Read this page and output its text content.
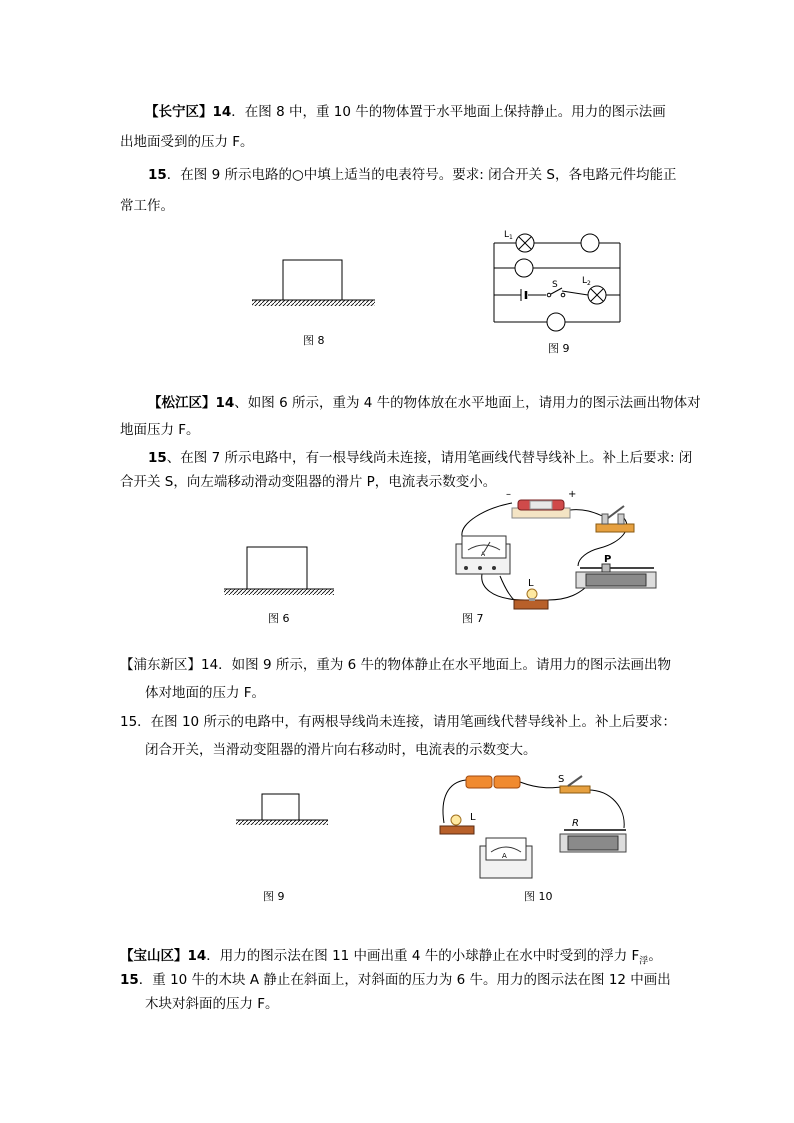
【长宁区】14．在图 8 中，重 10 牛的物体置于水平地面上保持静止。用力的图示法画
出地面受到的压力 F。
15．在图 9 所示电路的○中填上适当的电表符号。要求: 闭合开关 S，各电路元件均能正
常工作。
图 8
$L_1$
S	$L_2$
图 9
【松江区】14、如图 6 所示，重为 4 牛的物体放在水平地面上，请用力的图示法画出物体对
地面压力 F。
15、在图 7 所示电路中，有一根导线尚未连接，请用笔画线代替导线补上。补上后要求: 闭
合开关 S，向左端移动滑动变阻器的滑片 P，电流表示数变小。
图 6
–	+
A	P
L
图 7
【浦东新区】14．如图 9 所示，重为 6 牛的物体静止在水平地面上。请用力的图示法画出物
体对地面的压力 F。
15．在图 10 所示的电路中，有两根导线尚未连接，请用笔画线代替导线补上。补上后要求：
闭合开关，当滑动变阻器的滑片向右移动时，电流表的示数变大。
图 9
S
L
A
R
图 10
【宝山区】14．用力的图示法在图 11 中画出重 4 牛的小球静止在水中时受到的浮力 $F_浮$。
15．重 10 牛的木块 A 静止在斜面上，对斜面的压力为 6 牛。用力的图示法在图 12 中画出
木块对斜面的压力 F。
